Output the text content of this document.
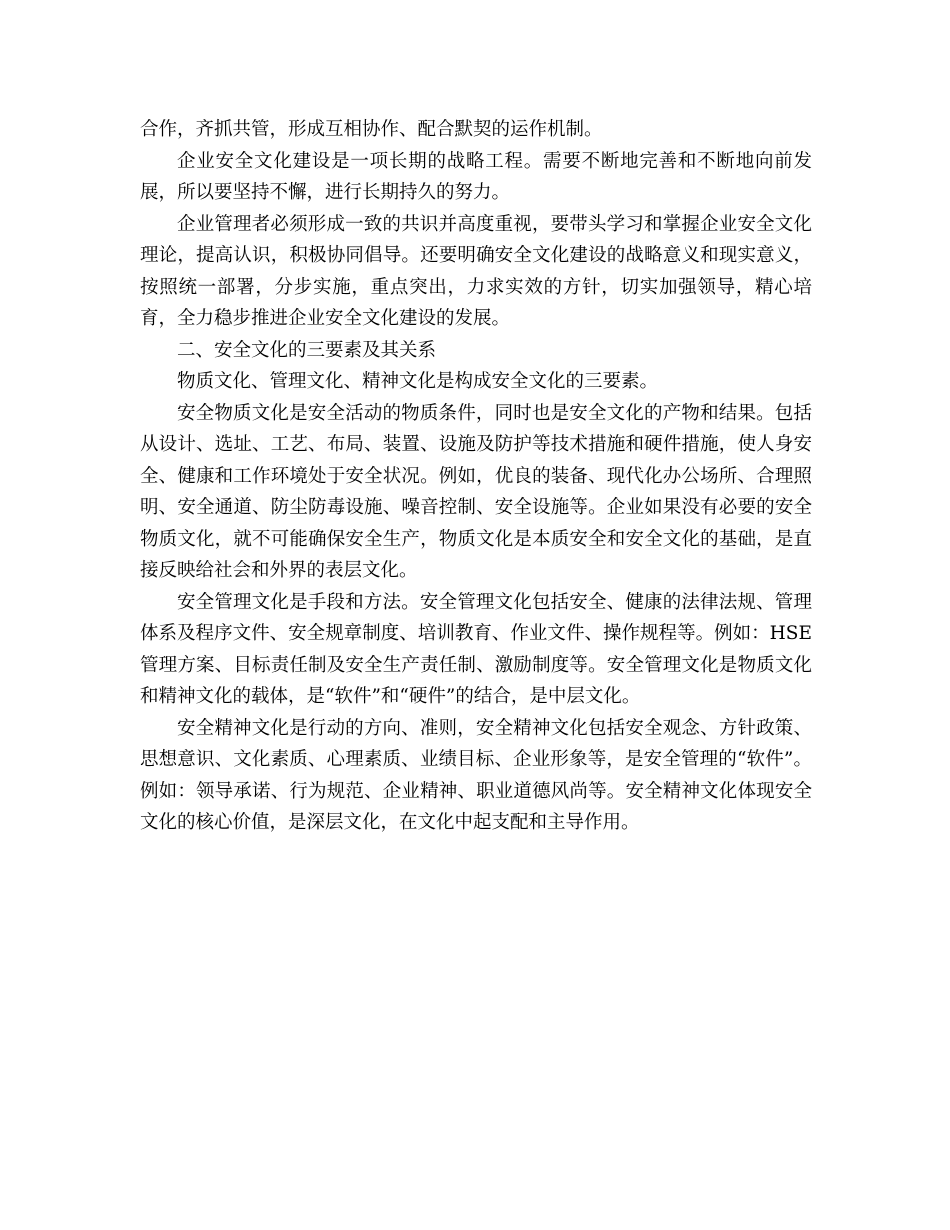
合作，齐抓共管，形成互相协作、配合默契的运作机制。

企业安全文化建设是一项长期的战略工程。需要不断地完善和不断地向前发展，所以要坚持不懈，进行长期持久的努力。

企业管理者必须形成一致的共识并高度重视，要带头学习和掌握企业安全文化理论，提高认识，积极协同倡导。还要明确安全文化建设的战略意义和现实意义，按照统一部署，分步实施，重点突出，力求实效的方针，切实加强领导，精心培育，全力稳步推进企业安全文化建设的发展。

二、安全文化的三要素及其关系

物质文化、管理文化、精神文化是构成安全文化的三要素。

安全物质文化是安全活动的物质条件，同时也是安全文化的产物和结果。包括从设计、选址、工艺、布局、装置、设施及防护等技术措施和硬件措施，使人身安全、健康和工作环境处于安全状况。例如，优良的装备、现代化办公场所、合理照明、安全通道、防尘防毒设施、噪音控制、安全设施等。企业如果没有必要的安全物质文化，就不可能确保安全生产，物质文化是本质安全和安全文化的基础，是直接反映给社会和外界的表层文化。

安全管理文化是手段和方法。安全管理文化包括安全、健康的法律法规、管理体系及程序文件、安全规章制度、培训教育、作业文件、操作规程等。例如：HSE管理方案、目标责任制及安全生产责任制、激励制度等。安全管理文化是物质文化和精神文化的载体，是“软件”和“硬件”的结合，是中层文化。

安全精神文化是行动的方向、准则，安全精神文化包括安全观念、方针政策、思想意识、文化素质、心理素质、业绩目标、企业形象等，是安全管理的“软件”。例如：领导承诺、行为规范、企业精神、职业道德风尚等。安全精神文化体现安全文化的核心价值，是深层文化，在文化中起支配和主导作用。
